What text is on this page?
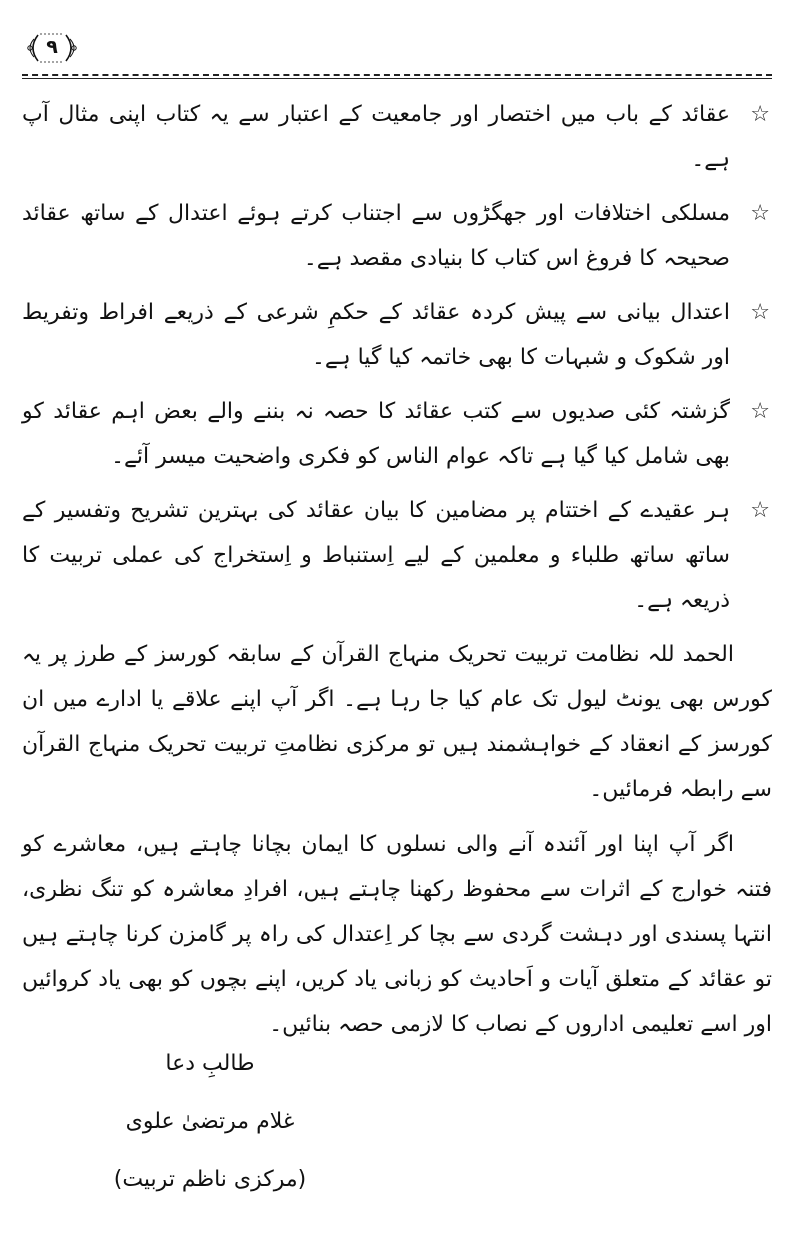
۹
☆
عقائد کے باب میں اختصار اور جامعیت کے اعتبار سے یہ کتاب اپنی مثال آپ ہے۔
☆
مسلکی اختلافات اور جھگڑوں سے اجتناب کرتے ہوئے اعتدال کے ساتھ عقائد صحیحہ کا فروغ اس کتاب کا بنیادی مقصد ہے۔
☆
اعتدال بیانی سے پیش کردہ عقائد کے حکمِ شرعی کے ذریعے افراط وتفریط اور شکوک و شبہات کا بھی خاتمہ کیا گیا ہے۔
☆
گزشتہ کئی صدیوں سے کتب عقائد کا حصہ نہ بننے والے بعض اہم عقائد کو بھی شامل کیا گیا ہے تاکہ عوام الناس کو فکری واضحیت میسر آئے۔
☆
ہر عقیدے کے اختتام پر مضامین کا بیان عقائد کی بہترین تشریح وتفسیر کے ساتھ ساتھ طلباء و معلمین کے لیے اِستنباط و اِستخراج کی عملی تربیت کا ذریعہ ہے۔

الحمد للہ نظامت تربیت تحریک منہاج القرآن کے سابقہ کورسز کے طرز پر یہ کورس بھی یونٹ لیول تک عام کیا جا رہا ہے۔ اگر آپ اپنے علاقے یا ادارے میں ان کورسز کے انعقاد کے خواہشمند ہیں تو مرکزی نظامتِ تربیت تحریک منہاج القرآن سے رابطہ فرمائیں۔

اگر آپ اپنا اور آئندہ آنے والی نسلوں کا ایمان بچانا چاہتے ہیں، معاشرے کو فتنہ خوارج کے اثرات سے محفوظ رکھنا چاہتے ہیں، افرادِ معاشرہ کو تنگ نظری، انتہا پسندی اور دہشت گردی سے بچا کر اِعتدال کی راہ پر گامزن کرنا چاہتے ہیں تو عقائد کے متعلق آیات و اَحادیث کو زبانی یاد کریں، اپنے بچوں کو بھی یاد کروائیں اور اسے تعلیمی اداروں کے نصاب کا لازمی حصہ بنائیں۔

طالبِ دعا
غلام مرتضیٰ علوی
(مرکزی ناظم تربیت)
